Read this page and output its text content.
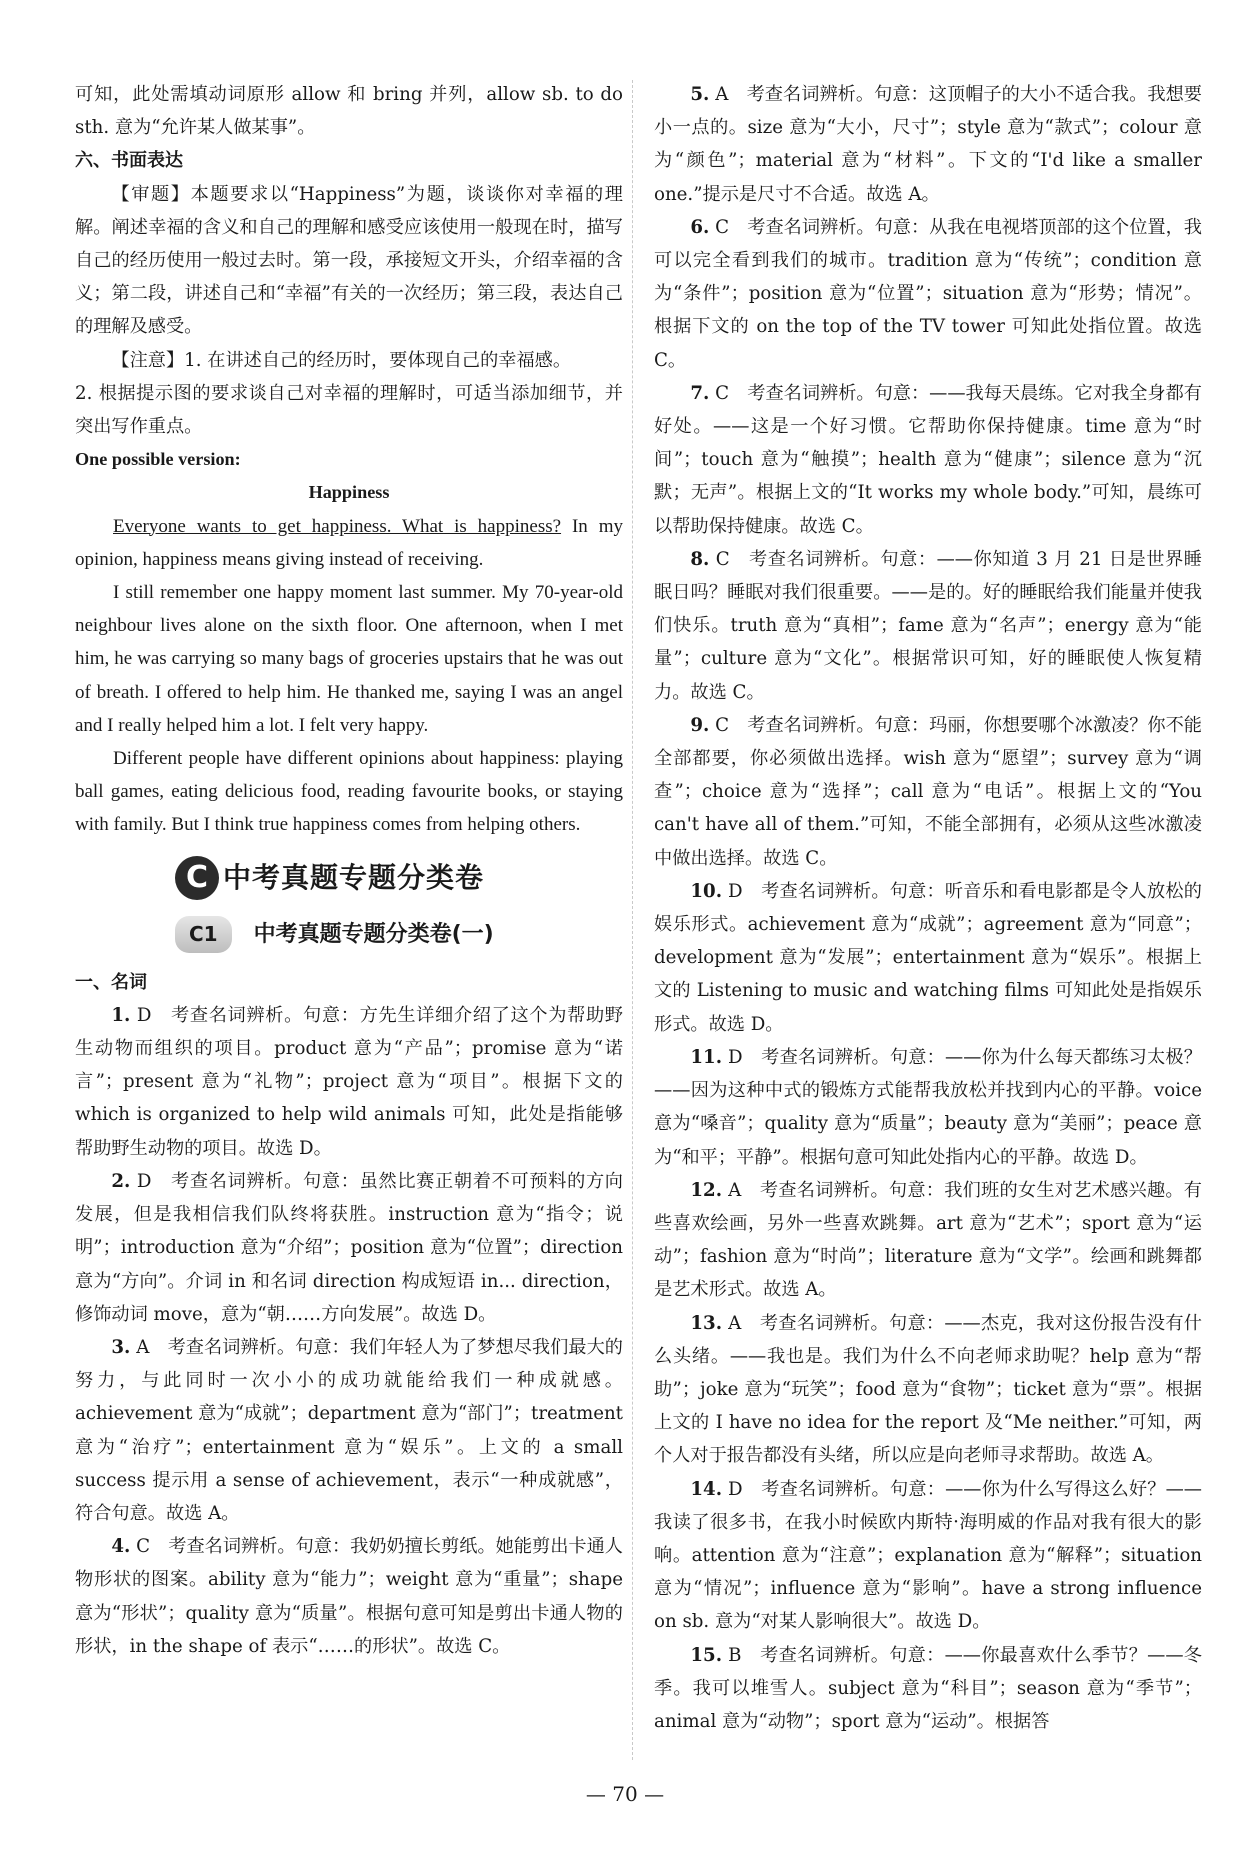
可知，此处需填动词原形 allow 和 bring 并列，allow sb. to do sth. 意为“允许某人做某事”。

六、书面表达

【审题】本题要求以“Happiness”为题，谈谈你对幸福的理解。阐述幸福的含义和自己的理解和感受应该使用一般现在时，描写自己的经历使用一般过去时。第一段，承接短文开头，介绍幸福的含义；第二段，讲述自己和“幸福”有关的一次经历；第三段，表达自己的理解及感受。

【注意】1. 在讲述自己的经历时，要体现自己的幸福感。

2. 根据提示图的要求谈自己对幸福的理解时，可适当添加细节，并突出写作重点。

One possible version:

Happiness

Everyone wants to get happiness. What is happiness? In my opinion, happiness means giving instead of receiving.

I still remember one happy moment last summer. My 70-year-old neighbour lives alone on the sixth floor. One afternoon, when I met him, he was carrying so many bags of groceries upstairs that he was out of breath. I offered to help him. He thanked me, saying I was an angel and I really helped him a lot. I felt very happy.

Different people have different opinions about happiness: playing ball games, eating delicious food, reading favourite books, or staying with family. But I think true happiness comes from helping others.

C 中考真题专题分类卷
C1	中考真题专题分类卷(一)

一、名词

1. D　考查名词辨析。句意：方先生详细介绍了这个为帮助野生动物而组织的项目。product 意为“产品”；promise 意为“诺言”；present 意为“礼物”；project 意为“项目”。根据下文的 which is organized to help wild animals 可知，此处是指能够帮助野生动物的项目。故选 D。

2. D　考查名词辨析。句意：虽然比赛正朝着不可预料的方向发展，但是我相信我们队终将获胜。instruction 意为“指令；说明”；introduction 意为“介绍”；position 意为“位置”；direction 意为“方向”。介词 in 和名词 direction 构成短语 in... direction，修饰动词 move，意为“朝……方向发展”。故选 D。

3. A　考查名词辨析。句意：我们年轻人为了梦想尽我们最大的努力，与此同时一次小小的成功就能给我们一种成就感。achievement 意为“成就”；department 意为“部门”；treatment 意为“治疗”；entertainment 意为“娱乐”。上文的 a small success 提示用 a sense of achievement，表示“一种成就感”，符合句意。故选 A。

4. C　考查名词辨析。句意：我奶奶擅长剪纸。她能剪出卡通人物形状的图案。ability 意为“能力”；weight 意为“重量”；shape 意为“形状”；quality 意为“质量”。根据句意可知是剪出卡通人物的形状，in the shape of 表示“……的形状”。故选 C。

5. A　考查名词辨析。句意：这顶帽子的大小不适合我。我想要小一点的。size 意为“大小，尺寸”；style 意为“款式”；colour 意为“颜色”；material 意为“材料”。下文的“I'd like a smaller one.”提示是尺寸不合适。故选 A。

6. C　考查名词辨析。句意：从我在电视塔顶部的这个位置，我可以完全看到我们的城市。tradition 意为“传统”；condition 意为“条件”；position 意为“位置”；situation 意为“形势；情况”。根据下文的 on the top of the TV tower 可知此处指位置。故选 C。

7. C　考查名词辨析。句意：——我每天晨练。它对我全身都有好处。——这是一个好习惯。它帮助你保持健康。time 意为“时间”；touch 意为“触摸”；health 意为“健康”；silence 意为“沉默；无声”。根据上文的“It works my whole body.”可知，晨练可以帮助保持健康。故选 C。

8. C　考查名词辨析。句意：——你知道 3 月 21 日是世界睡眠日吗？睡眠对我们很重要。——是的。好的睡眠给我们能量并使我们快乐。truth 意为“真相”；fame 意为“名声”；energy 意为“能量”；culture 意为“文化”。根据常识可知，好的睡眠使人恢复精力。故选 C。

9. C　考查名词辨析。句意：玛丽，你想要哪个冰激凌？你不能全部都要，你必须做出选择。wish 意为“愿望”；survey 意为“调查”；choice 意为“选择”；call 意为“电话”。根据上文的“You can't have all of them.”可知，不能全部拥有，必须从这些冰激凌中做出选择。故选 C。

10. D　考查名词辨析。句意：听音乐和看电影都是令人放松的娱乐形式。achievement 意为“成就”；agreement 意为“同意”；development 意为“发展”；entertainment 意为“娱乐”。根据上文的 Listening to music and watching films 可知此处是指娱乐形式。故选 D。

11. D　考查名词辨析。句意：——你为什么每天都练习太极？——因为这种中式的锻炼方式能帮我放松并找到内心的平静。voice 意为“嗓音”；quality 意为“质量”；beauty 意为“美丽”；peace 意为“和平；平静”。根据句意可知此处指内心的平静。故选 D。

12. A　考查名词辨析。句意：我们班的女生对艺术感兴趣。有些喜欢绘画，另外一些喜欢跳舞。art 意为“艺术”；sport 意为“运动”；fashion 意为“时尚”；literature 意为“文学”。绘画和跳舞都是艺术形式。故选 A。

13. A　考查名词辨析。句意：——杰克，我对这份报告没有什么头绪。——我也是。我们为什么不向老师求助呢？help 意为“帮助”；joke 意为“玩笑”；food 意为“食物”；ticket 意为“票”。根据上文的 I have no idea for the report 及“Me neither.”可知，两个人对于报告都没有头绪，所以应是向老师寻求帮助。故选 A。

14. D　考查名词辨析。句意：——你为什么写得这么好？——我读了很多书，在我小时候欧内斯特·海明威的作品对我有很大的影响。attention 意为“注意”；explanation 意为“解释”；situation 意为“情况”；influence 意为“影响”。have a strong influence on sb. 意为“对某人影响很大”。故选 D。

15. B　考查名词辨析。句意：——你最喜欢什么季节？——冬季。我可以堆雪人。subject 意为“科目”；season 意为“季节”；animal 意为“动物”；sport 意为“运动”。根据答

— 70 —
